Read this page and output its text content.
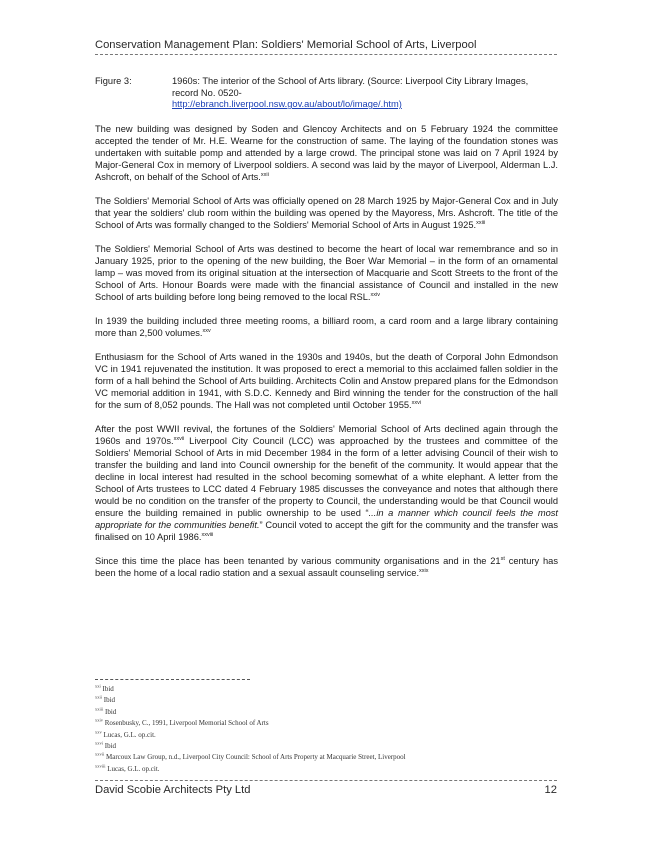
Conservation Management Plan: Soldiers' Memorial School of Arts, Liverpool
Figure 3:	1960s: The interior of the School of Arts library. (Source: Liverpool City Library Images, record No. 0520-
http://ebranch.liverpool.nsw.gov.au/about/lo/image/.htm)

The new building was designed by Soden and Glencoy Architects and on 5 February 1924 the committee accepted the tender of Mr. H.E. Wearne for the construction of same. The laying of the foundation stones was undertaken with suitable pomp and attended by a large crowd. The principal stone was laid on 7 April 1924 by Major-General Cox in memory of Liverpool soldiers. A second was laid by the mayor of Liverpool, Alderman L.J. Ashcroft, on behalf of the School of Arts.$^{xxii}$

The Soldiers' Memorial School of Arts was officially opened on 28 March 1925 by Major-General Cox and in July that year the soldiers' club room within the building was opened by the Mayoress, Mrs. Ashcroft. The title of the School of Arts was formally changed to the Soldiers' Memorial School of Arts in August 1925.$^{xxiii}$

The Soldiers' Memorial School of Arts was destined to become the heart of local war remembrance and so in January 1925, prior to the opening of the new building, the Boer War Memorial – in the form of an ornamental lamp – was moved from its original situation at the intersection of Macquarie and Scott Streets to the front of the School of Arts. Honour Boards were made with the financial assistance of Council and installed in the new School of arts building before long being removed to the local RSL.$^{xxiv}$

In 1939 the building included three meeting rooms, a billiard room, a card room and a large library containing more than 2,500 volumes.$^{xxv}$

Enthusiasm for the School of Arts waned in the 1930s and 1940s, but the death of Corporal John Edmondson VC in 1941 rejuvenated the institution. It was proposed to erect a memorial to this acclaimed fallen soldier in the form of a hall behind the School of Arts building. Architects Colin and Anstow prepared plans for the Edmondson VC memorial addition in 1941, with S.D.C. Kennedy and Bird winning the tender for the construction of the hall for the sum of 8,052 pounds. The Hall was not completed until October 1955.$^{xxvi}$

After the post WWII revival, the fortunes of the Soldiers' Memorial School of Arts declined again through the 1960s and 1970s.$^{xxvii}$ Liverpool City Council (LCC) was approached by the trustees and committee of the Soldiers' Memorial School of Arts in mid December 1984 in the form of a letter advising Council of their wish to transfer the building and land into Council ownership for the benefit of the community. It would appear that the decline in local interest had resulted in the school becoming somewhat of a white elephant. A letter from the School of Arts trustees to LCC dated 4 February 1985 discusses the conveyance and notes that although there would be no condition on the transfer of the property to Council, the understanding would be that Council would ensure the building remained in public ownership to be used “...in a manner which council feels the most appropriate for the communities benefit.” Council voted to accept the gift for the community and the transfer was finalised on 10 April 1986.$^{xxviii}$

Since this time the place has been tenanted by various community organisations and in the 21st century has been the home of a local radio station and a sexual assault counseling service.$^{xxix}$

$^{xxi}$ Ibid
$^{xxii}$ Ibid
$^{xxiii}$ Ibid
$^{xxiv}$ Rosenbusky, C., 1991, Liverpool Memorial School of Arts
$^{xxv}$ Lucas, G.L. op.cit.
$^{xxvi}$ Ibid
$^{xxvii}$ Marcoux Law Group, n.d., Liverpool City Council: School of Arts Property at Macquarie Street, Liverpool
$^{xxviii}$ Lucas, G.L. op.cit.
David Scobie Architects Pty Ltd	12
